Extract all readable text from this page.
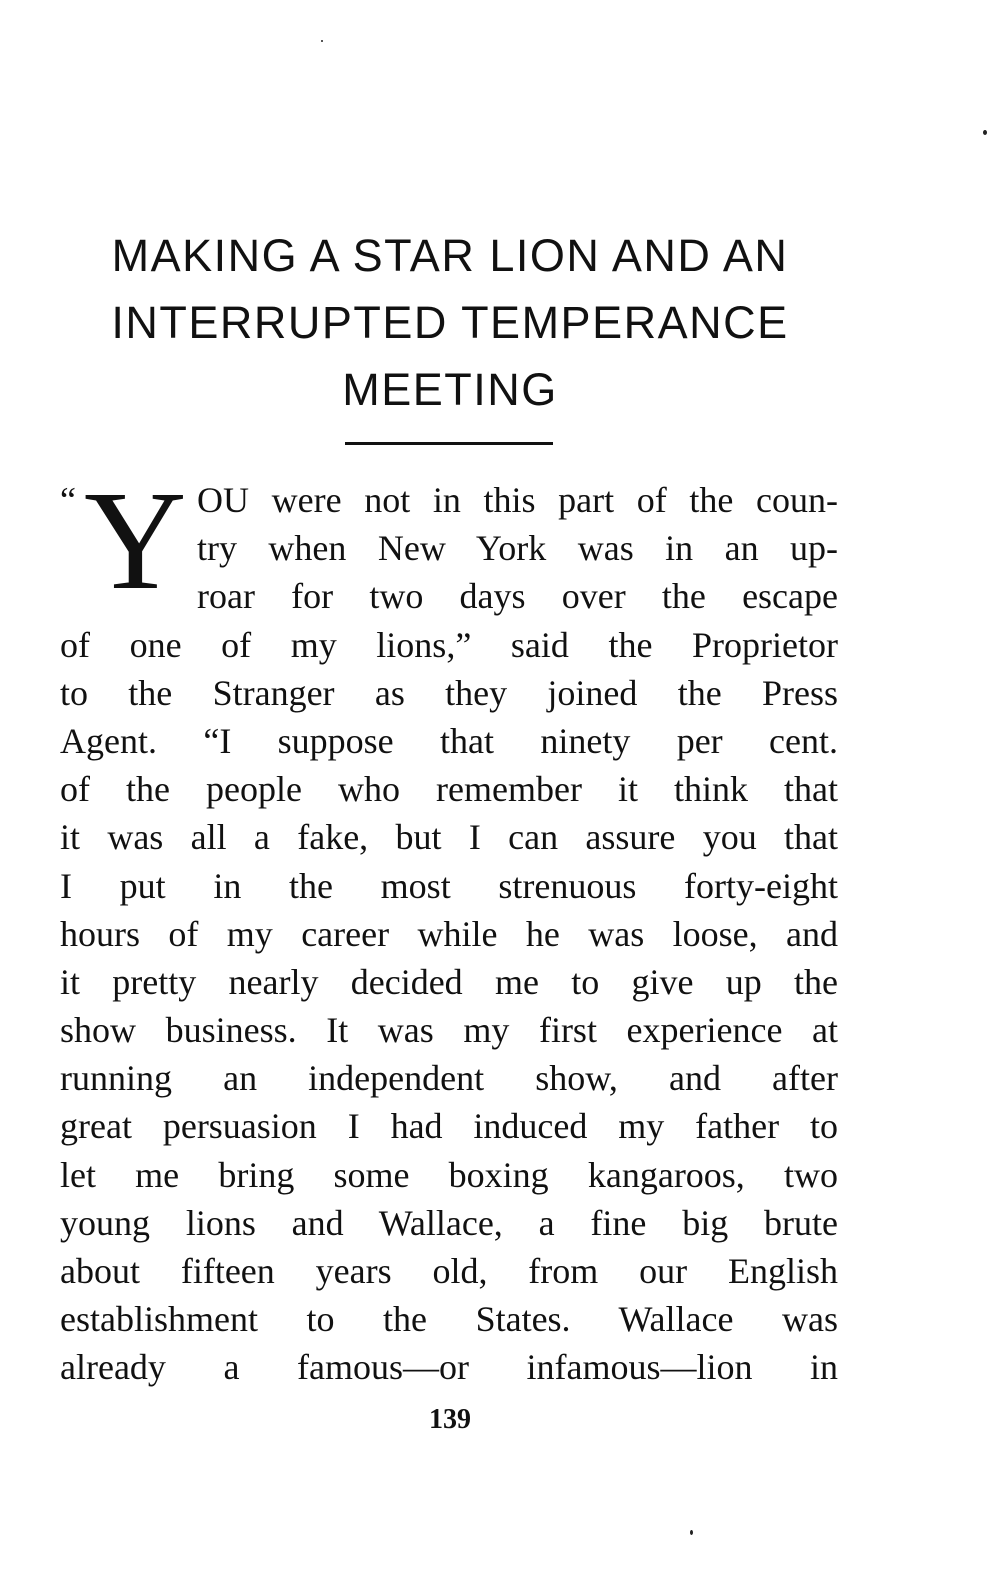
MAKING A STAR LION AND AN
INTERRUPTED TEMPERANCE
MEETING
“ Y OU were not in this part of the coun-
try when New York was in an up-
roar for two days over the escape
of one of my lions,” said the Proprietor
to the Stranger as they joined the Press
Agent. “I suppose that ninety per cent.
of the people who remember it think that
it was all a fake, but I can assure you that
I put in the most strenuous forty-eight
hours of my career while he was loose, and
it pretty nearly decided me to give up the
show business. It was my first experience at
running an independent show, and after
great persuasion I had induced my father to
let me bring some boxing kangaroos, two
young lions and Wallace, a fine big brute
about fifteen years old, from our English
establishment to the States. Wallace was
already a famous—or infamous—lion in
139
